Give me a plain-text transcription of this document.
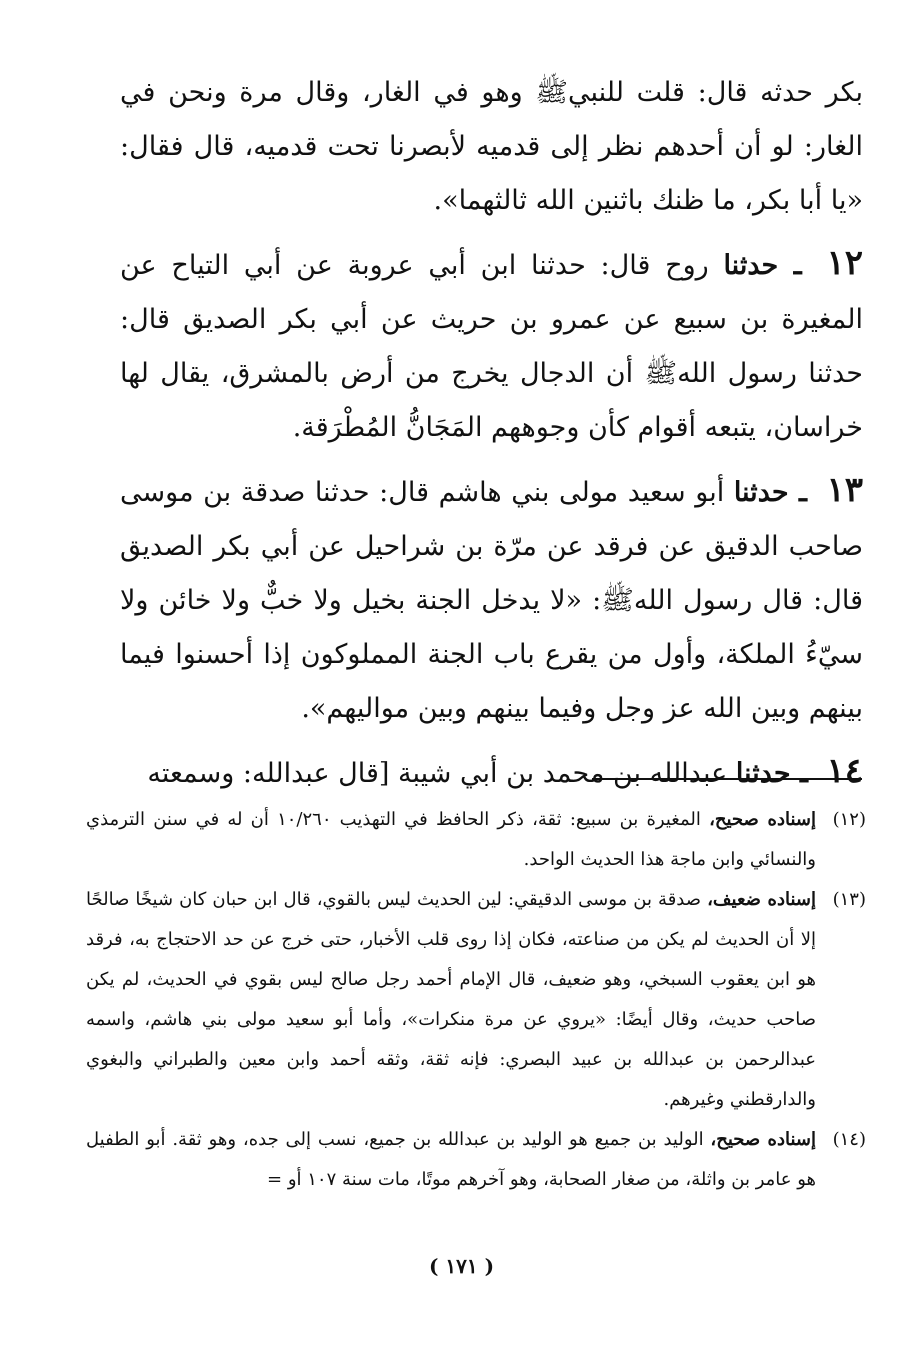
بكر حدثه قال: قلت للنبيﷺ وهو في الغار، وقال مرة ونحن في الغار: لو أن أحدهم نظر إلى قدميه لأبصرنا تحت قدميه، قال فقال: «يا أبا بكر، ما ظنك باثنين الله ثالثهما».

١٢ ـ حدثنا روح قال: حدثنا ابن أبي عروبة عن أبي التياح عن المغيرة بن سبيع عن عمرو بن حريث عن أبي بكر الصديق قال: حدثنا رسول اللهﷺ أن الدجال يخرج من أرض بالمشرق، يقال لها خراسان، يتبعه أقوام كأن وجوههم المَجَانُّ المُطْرَقة.

١٣ ـ حدثنا أبو سعيد مولى بني هاشم قال: حدثنا صدقة بن موسى صاحب الدقيق عن فرقد عن مرّة بن شراحيل عن أبي بكر الصديق قال: قال رسول اللهﷺ: «لا يدخل الجنة بخيل ولا خبٌّ ولا خائن ولا سيّءُ الملكة، وأول من يقرع باب الجنة المملوكون إذا أحسنوا فيما بينهم وبين الله عز وجل وفيما بينهم وبين مواليهم».

١٤ ـ حدثنا عبدالله بن محمد بن أبي شيبة [قال عبدالله: وسمعته

(١٢)
إسناده صحيح، المغيرة بن سبيع: ثقة، ذكر الحافظ في التهذيب ١٠/٢٦٠ أن له في سنن الترمذي والنسائي وابن ماجة هذا الحديث الواحد.
(١٣)
إسناده ضعيف، صدقة بن موسى الدقيقي: لين الحديث ليس بالقوي، قال ابن حبان كان شيخًا صالحًا إلا أن الحديث لم يكن من صناعته، فكان إذا روى قلب الأخبار، حتى خرج عن حد الاحتجاج به، فرقد هو ابن يعقوب السبخي، وهو ضعيف، قال الإمام أحمد رجل صالح ليس بقوي في الحديث، لم يكن صاحب حديث، وقال أيضًا: «يروي عن مرة منكرات»، وأما أبو سعيد مولى بني هاشم، واسمه عبدالرحمن بن عبدالله بن عبيد البصري: فإنه ثقة، وثقه أحمد وابن معين والطبراني والبغوي والدارقطني وغيرهم.
(١٤)
إسناده صحيح، الوليد بن جميع هو الوليد بن عبدالله بن جميع، نسب إلى جده، وهو ثقة. أبو الطفيل هو عامر بن واثلة، من صغار الصحابة، وهو آخرهم موتًا، مات سنة ١٠٧ أو =
( ١٧١ )
